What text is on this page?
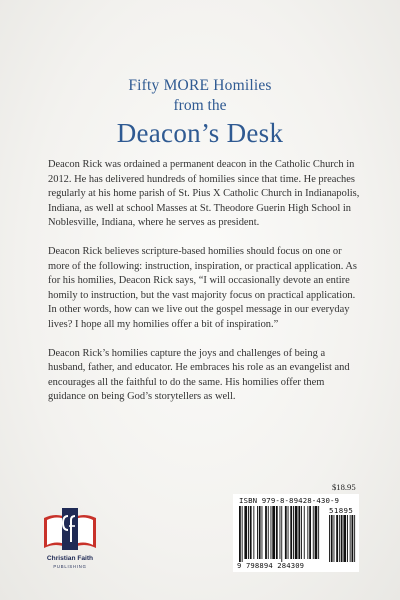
Fifty MORE Homilies
from the
Deacon’s Desk

Deacon Rick was ordained a permanent deacon in the Catholic Church in 2012. He has delivered hundreds of homilies since that time. He preaches regularly at his home parish of St. Pius X Catholic Church in Indianapolis, Indiana, as well at school Masses at St. Theodore Guerin High School in Noblesville, Indiana, where he serves as president.

Deacon Rick believes scripture-based homilies should focus on one or more of the following: instruction, inspiration, or practical application. As for his homilies, Deacon Rick says, “I will occasionally devote an entire homily to instruction, but the vast majority focus on practical application. In other words, how can we live out the gospel message in our everyday lives? I hope all my homilies offer a bit of inspiration.”

Deacon Rick’s homilies capture the joys and challenges of being a husband, father, and educator. He embraces his role as an evangelist and encourages all the faithful to do the same. His homilies offer them guidance on being God’s storytellers as well.

$18.95
ISBN 979-8-89428-430-9
51895
9 798894 284309
Christian Faith
PUBLISHING
